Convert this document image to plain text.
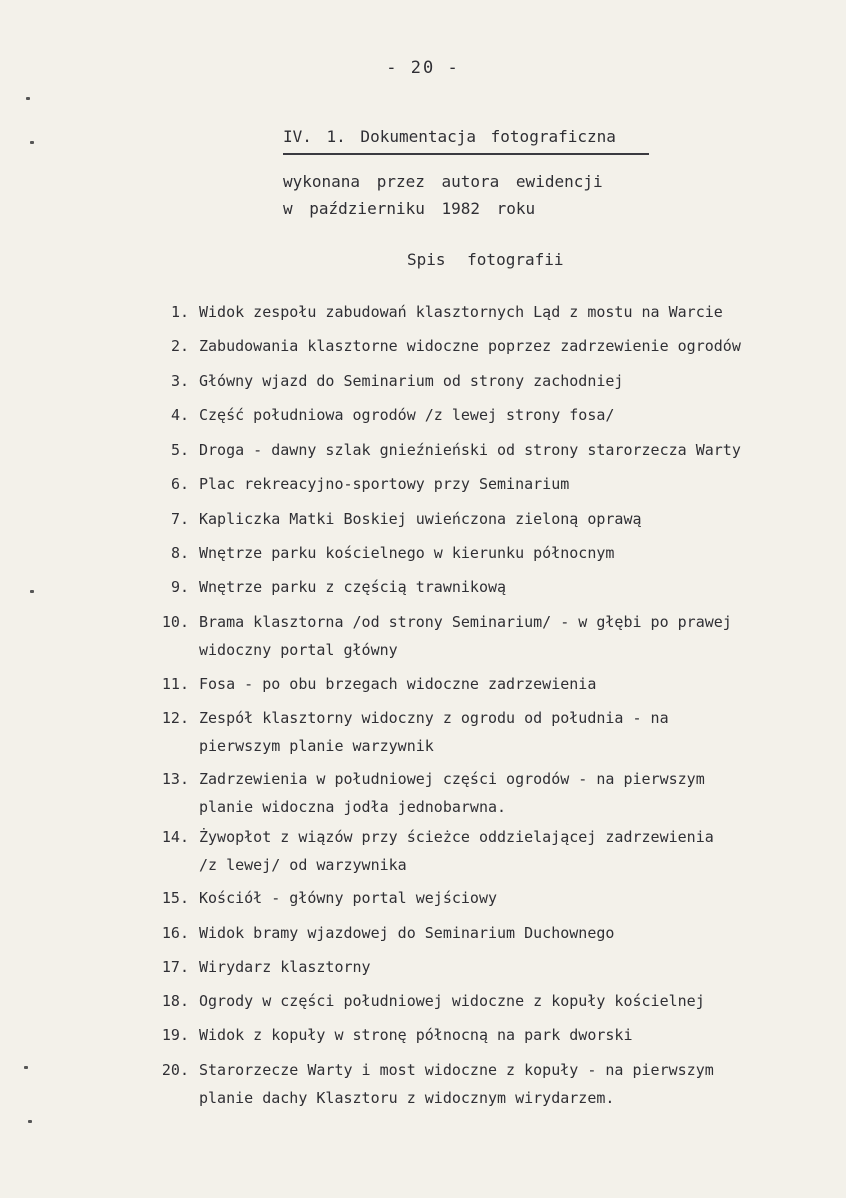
- 20 -
IV. 1. Dokumentacja fotograficzna
wykonana przez autora ewidencji
w październiku 1982 roku
Spis fotografii
1. Widok zespołu zabudowań klasztornych Ląd z mostu na Warcie
2. Zabudowania klasztorne widoczne poprzez zadrzewienie ogrodów
3. Główny wjazd do Seminarium od strony zachodniej
4. Część południowa ogrodów /z lewej strony fosa/
5. Droga - dawny szlak gnieźnieński od strony starorzecza Warty
6. Plac rekreacyjno-sportowy przy Seminarium
7. Kapliczka Matki Boskiej uwieńczona zieloną oprawą
8. Wnętrze parku kościelnego w kierunku północnym
9. Wnętrze parku z częścią trawnikową
10. Brama klasztorna /od strony Seminarium/ - w głębi po prawej
widoczny portal główny
11. Fosa - po obu brzegach widoczne zadrzewienia
12. Zespół klasztorny widoczny z ogrodu od południa - na
pierwszym planie warzywnik
13. Zadrzewienia w południowej części ogrodów - na pierwszym
planie widoczna jodła jednobarwna.
14. Żywopłot z wiązów przy ścieżce oddzielającej zadrzewienia
/z lewej/ od warzywnika
15. Kościół - główny portal wejściowy
16. Widok bramy wjazdowej do Seminarium Duchownego
17. Wirydarz klasztorny
18. Ogrody w części południowej widoczne z kopuły kościelnej
19. Widok z kopuły w stronę północną na park dworski
20. Starorzecze Warty i most widoczne z kopuły - na pierwszym
planie dachy Klasztoru z widocznym wirydarzem.
